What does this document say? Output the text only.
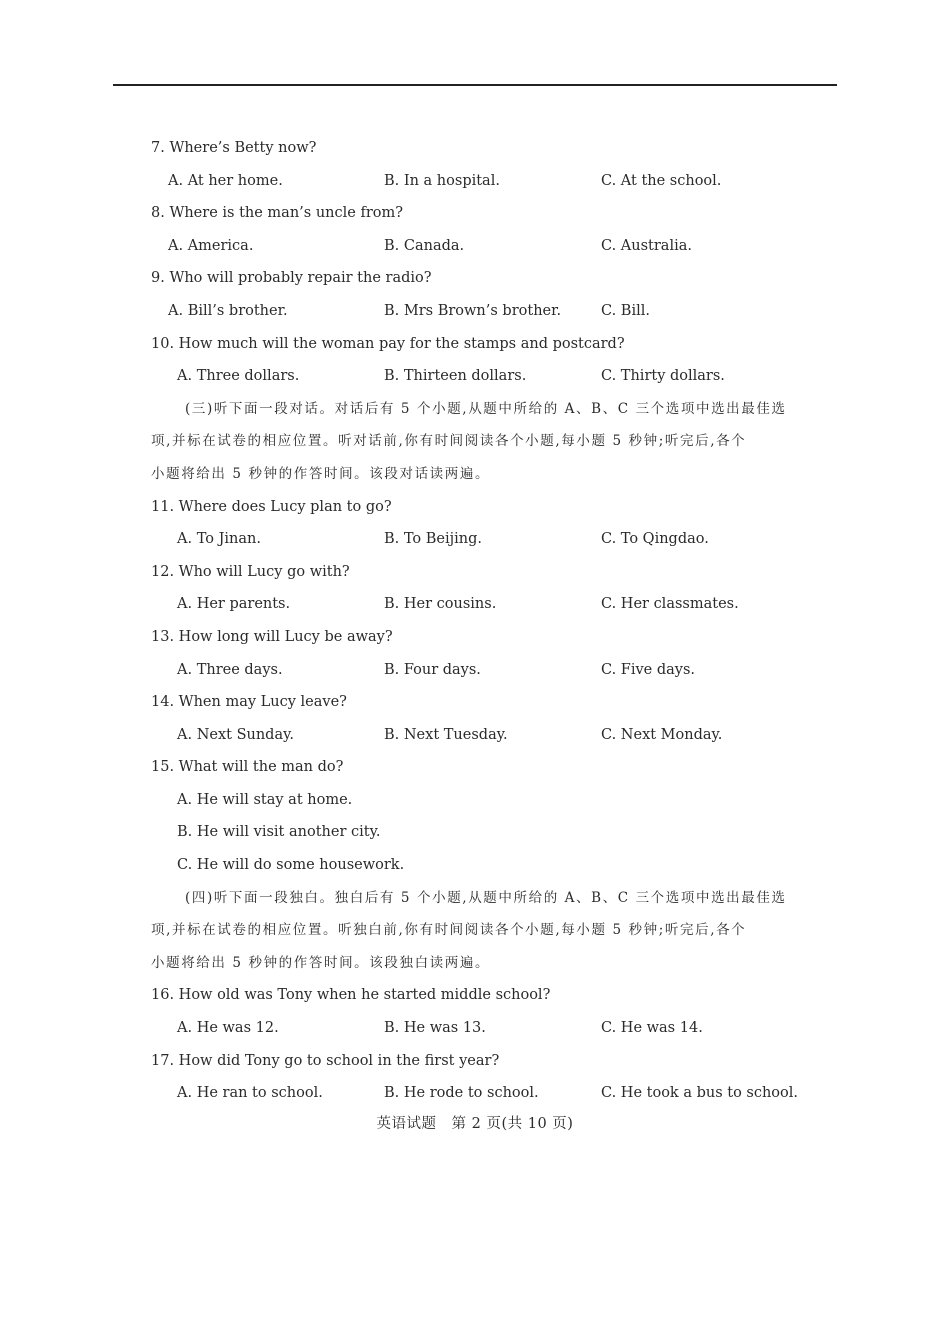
7. Where’s Betty now?
A. At her home.	B. In a hospital.	C. At the school.
8. Where is the man’s uncle from?
A. America.	B. Canada.	C. Australia.
9. Who will probably repair the radio?
A. Bill’s brother.	B. Mrs Brown’s brother.	C. Bill.
10. How much will the woman pay for the stamps and postcard?
A. Three dollars.	B. Thirteen dollars.	C. Thirty dollars.
(三)听下面一段对话。对话后有 5 个小题,从题中所给的 A、B、C 三个选项中选出最佳选
项,并标在试卷的相应位置。听对话前,你有时间阅读各个小题,每小题 5 秒钟;听完后,各个
小题将给出 5 秒钟的作答时间。该段对话读两遍。
11. Where does Lucy plan to go?
A. To Jinan.	B. To Beijing.	C. To Qingdao.
12. Who will Lucy go with?
A. Her parents.	B. Her cousins.	C. Her classmates.
13. How long will Lucy be away?
A. Three days.	B. Four days.	C. Five days.
14. When may Lucy leave?
A. Next Sunday.	B. Next Tuesday.	C. Next Monday.
15. What will the man do?
A. He will stay at home.
B. He will visit another city.
C. He will do some housework.
(四)听下面一段独白。独白后有 5 个小题,从题中所给的 A、B、C 三个选项中选出最佳选
项,并标在试卷的相应位置。听独白前,你有时间阅读各个小题,每小题 5 秒钟;听完后,各个
小题将给出 5 秒钟的作答时间。该段独白读两遍。
16. How old was Tony when he started middle school?
A. He was 12.	B. He was 13.	C. He was 14.
17. How did Tony go to school in the first year?
A. He ran to school.	B. He rode to school.	C. He took a bus to school.
英语试题　第 2 页(共 10 页)
